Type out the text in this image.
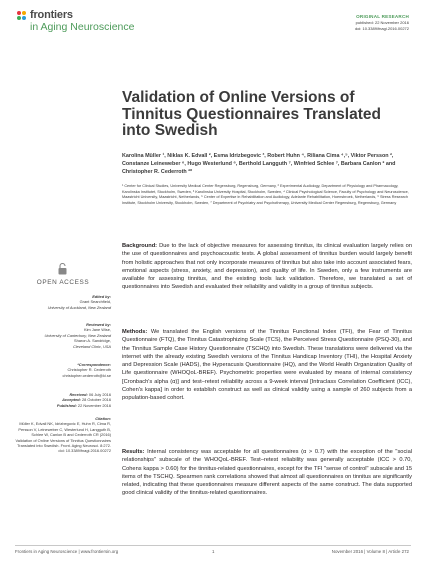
frontiers
in Aging Neuroscience
ORIGINAL RESEARCH
published: 22 November 2016
doi: 10.3389/fnagi.2016.00272
Validation of Online Versions of Tinnitus Questionnaires Translated into Swedish
Karolina Müller ¹, Niklas K. Edvall ², Esma Idrizbegovic ³, Robert Huhn ⁴, Riliana Cima ⁴,⁵, Viktor Persson ², Constanze Leineweber ⁶, Hugo Westerlund ⁶, Berthold Langguth ⁷, Winfried Schlee ⁷, Barbara Canlon ² and Christopher R. Cederroth ²*

¹ Center for Clinical Studies, University Medical Center Regensburg, Regensburg, Germany, ² Experimental Audiology, Department of Physiology and Pharmacology, Karolinska Institutet, Stockholm, Sweden, ³ Karolinska University Hospital, Stockholm, Sweden, ⁴ Clinical Psychological Science, Faculty of Psychology and Neuroscience, Maastricht University, Maastricht, Netherlands, ⁵ Center of Expertise in Rehabilitation and Audiology, Adelante Rehabilitation, Hoensbroek, Netherlands, ⁶ Stress Research Institute, Stockholm University, Stockholm, Sweden, ⁷ Department of Psychiatry and Psychotherapy, University Medical Center Regensburg, Regensburg, Germany

OPEN ACCESS

Edited by:

Grant Searchfield,

University of Auckland, New Zealand

Reviewed by:

Kim Jane Wise,

University of Canterbury, New Zealand

Sharon A. Sandridge,

Cleveland Clinic, USA

*Correspondence:

Christopher R. Cederroth

christopher.cederroth@ki.se

Received: 06 July 2016

Accepted: 28 October 2016

Published: 22 November 2016

Citation:

Müller K, Edvall NK, Idrizbegovic E, Huhn R, Cima R, Persson V, Leineweber C, Westerlund H, Langguth B, Schlee W, Canlon B and Cederroth CR (2016) Validation of Online Versions of Tinnitus Questionnaires Translated into Swedish. Front. Aging Neurosci. 8:272. doi: 10.3389/fnagi.2016.00272

Background: Due to the lack of objective measures for assessing tinnitus, its clinical evaluation largely relies on the use of questionnaires and psychoacoustic tests. A global assessment of tinnitus burden would largely benefit from holistic approaches that not only incorporate measures of tinnitus but also take into account associated fears, emotional aspects (stress, anxiety, and depression), and quality of life. In Sweden, only a few instruments are available for assessing tinnitus, and the existing tools lack validation. Therefore, we translated a set of questionnaires into Swedish and evaluated their reliability and validity in a group of tinnitus subjects.
Methods: We translated the English versions of the Tinnitus Functional Index (TFI), the Fear of Tinnitus Questionnaire (FTQ), the Tinnitus Catastrophizing Scale (TCS), the Perceived Stress Questionnaire (PSQ-30), and the Tinnitus Sample Case History Questionnaire (TSCHQ) into Swedish. These translations were delivered via the internet with the already existing Swedish versions of the Tinnitus Handicap Inventory (THI), the Hospital Anxiety and Depression Scale (HADS), the Hyperacusis Questionnaire (HQ), and the World Health Organization Quality of Life questionnaire (WHOQoL-BREF). Psychometric properties were evaluated by means of internal consistency [Cronbach's alpha (α)] and test–retest reliability across a 9-week interval [Intraclass Correlation Coefficient (ICC), Cohen's kappa] in order to establish construct as well as clinical validity using a sample of 260 subjects from a population-based cohort.
Results: Internal consistency was acceptable for all questionnaires (α > 0.7) with the exception of the "social relationships" subscale of the WHOQoL-BREF. Test–retest reliability was generally acceptable (ICC > 0.70, Cohens kappa > 0.60) for the tinnitus-related questionnaires, except for the TFI "sense of control" subscale and 15 items of the TSCHQ. Spearmen rank correlations showed that almost all questionnaires on tinnitus are significantly related, indicating that these questionnaires measure different aspects of the same construct. The data supported good clinical validity of the tinnitus-related questionnaires.
Frontiers in Aging Neuroscience | www.frontiersin.org	1	November 2016 | Volume 8 | Article 272
